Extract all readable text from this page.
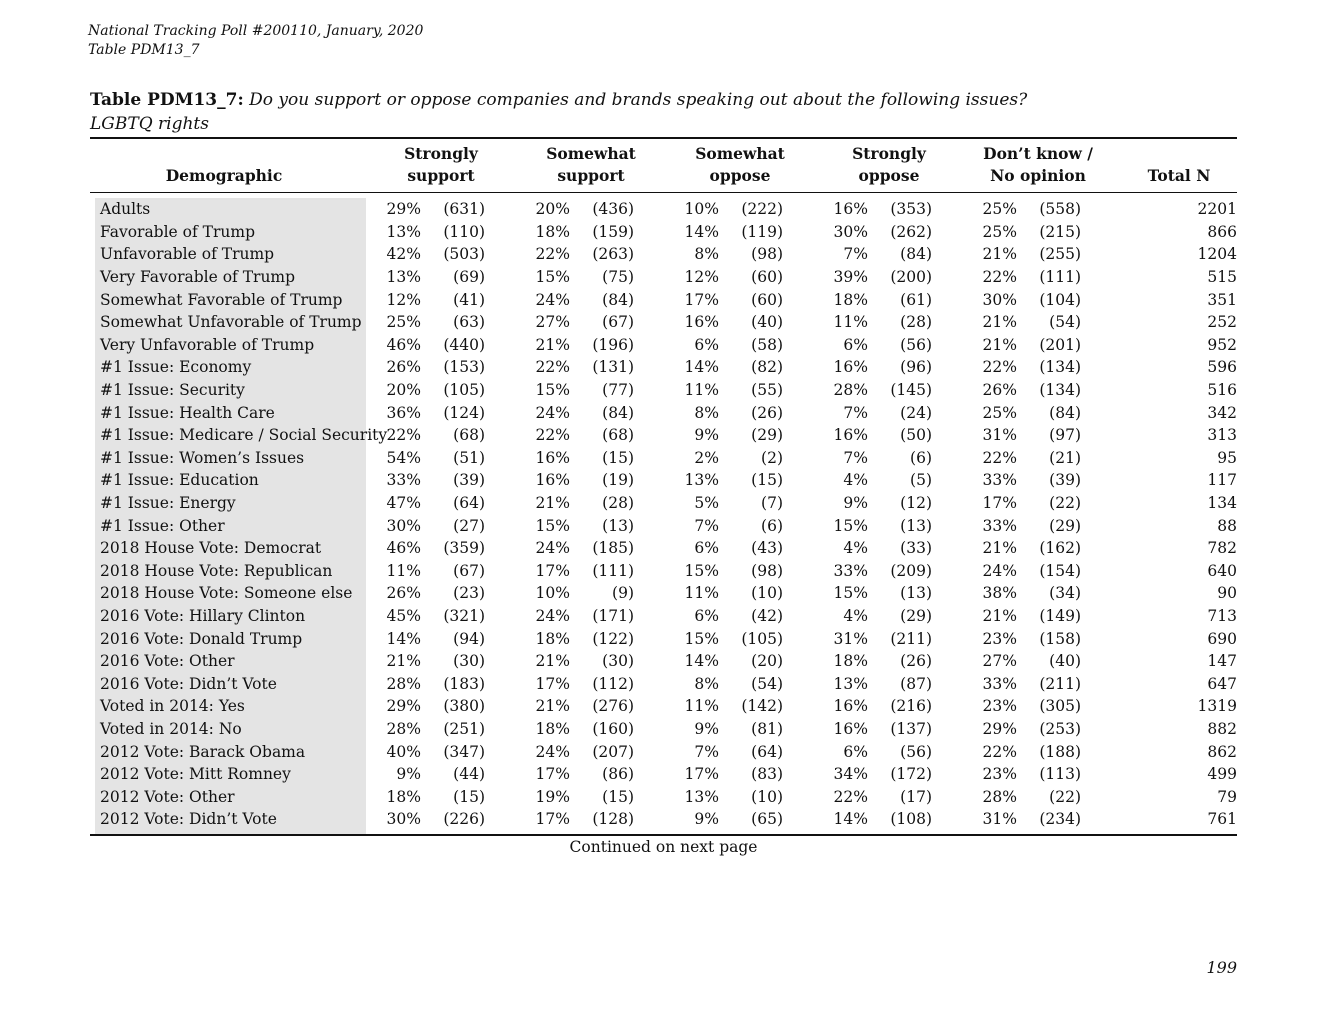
National Tracking Poll #200110, January, 2020
Table PDM13_7
Table PDM13_7: Do you support or oppose companies and brands speaking out about the following issues?
LGBTQ rights
Demographic
Strongly
support
Somewhat
support
Somewhat
oppose
Strongly
oppose
Don’t know /
No opinion	Total N
Adults	29%	(631)		20%	(436)		10%	(222)		16%	(353)		25%	(558)		2201
Favorable of Trump	13%	(110)		18%	(159)		14%	(119)		30%	(262)		25%	(215)		866
Unfavorable of Trump	42%	(503)		22%	(263)		8%	(98)		7%	(84)		21%	(255)		1204
Very Favorable of Trump	13%	(69)		15%	(75)		12%	(60)		39%	(200)		22%	(111)		515
Somewhat Favorable of Trump	12%	(41)		24%	(84)		17%	(60)		18%	(61)		30%	(104)		351
Somewhat Unfavorable of Trump	25%	(63)		27%	(67)		16%	(40)		11%	(28)		21%	(54)		252
Very Unfavorable of Trump	46%	(440)		21%	(196)		6%	(58)		6%	(56)		21%	(201)		952
#1 Issue: Economy	26%	(153)		22%	(131)		14%	(82)		16%	(96)		22%	(134)		596
#1 Issue: Security	20%	(105)		15%	(77)		11%	(55)		28%	(145)		26%	(134)		516
#1 Issue: Health Care	36%	(124)		24%	(84)		8%	(26)		7%	(24)		25%	(84)		342
#1 Issue: Medicare / Social Security	22%	(68)		22%	(68)		9%	(29)		16%	(50)		31%	(97)		313
#1 Issue: Women’s Issues	54%	(51)		16%	(15)		2%	(2)		7%	(6)		22%	(21)		95
#1 Issue: Education	33%	(39)		16%	(19)		13%	(15)		4%	(5)		33%	(39)		117
#1 Issue: Energy	47%	(64)		21%	(28)		5%	(7)		9%	(12)		17%	(22)		134
#1 Issue: Other	30%	(27)		15%	(13)		7%	(6)		15%	(13)		33%	(29)		88
2018 House Vote: Democrat	46%	(359)		24%	(185)		6%	(43)		4%	(33)		21%	(162)		782
2018 House Vote: Republican	11%	(67)		17%	(111)		15%	(98)		33%	(209)		24%	(154)		640
2018 House Vote: Someone else	26%	(23)		10%	(9)		11%	(10)		15%	(13)		38%	(34)		90
2016 Vote: Hillary Clinton	45%	(321)		24%	(171)		6%	(42)		4%	(29)		21%	(149)		713
2016 Vote: Donald Trump	14%	(94)		18%	(122)		15%	(105)		31%	(211)		23%	(158)		690
2016 Vote: Other	21%	(30)		21%	(30)		14%	(20)		18%	(26)		27%	(40)		147
2016 Vote: Didn’t Vote	28%	(183)		17%	(112)		8%	(54)		13%	(87)		33%	(211)		647
Voted in 2014: Yes	29%	(380)		21%	(276)		11%	(142)		16%	(216)		23%	(305)		1319
Voted in 2014: No	28%	(251)		18%	(160)		9%	(81)		16%	(137)		29%	(253)		882
2012 Vote: Barack Obama	40%	(347)		24%	(207)		7%	(64)		6%	(56)		22%	(188)		862
2012 Vote: Mitt Romney	9%	(44)		17%	(86)		17%	(83)		34%	(172)		23%	(113)		499
2012 Vote: Other	18%	(15)		19%	(15)		13%	(10)		22%	(17)		28%	(22)		79
2012 Vote: Didn’t Vote	30%	(226)		17%	(128)		9%	(65)		14%	(108)		31%	(234)		761
Continued on next page
199
